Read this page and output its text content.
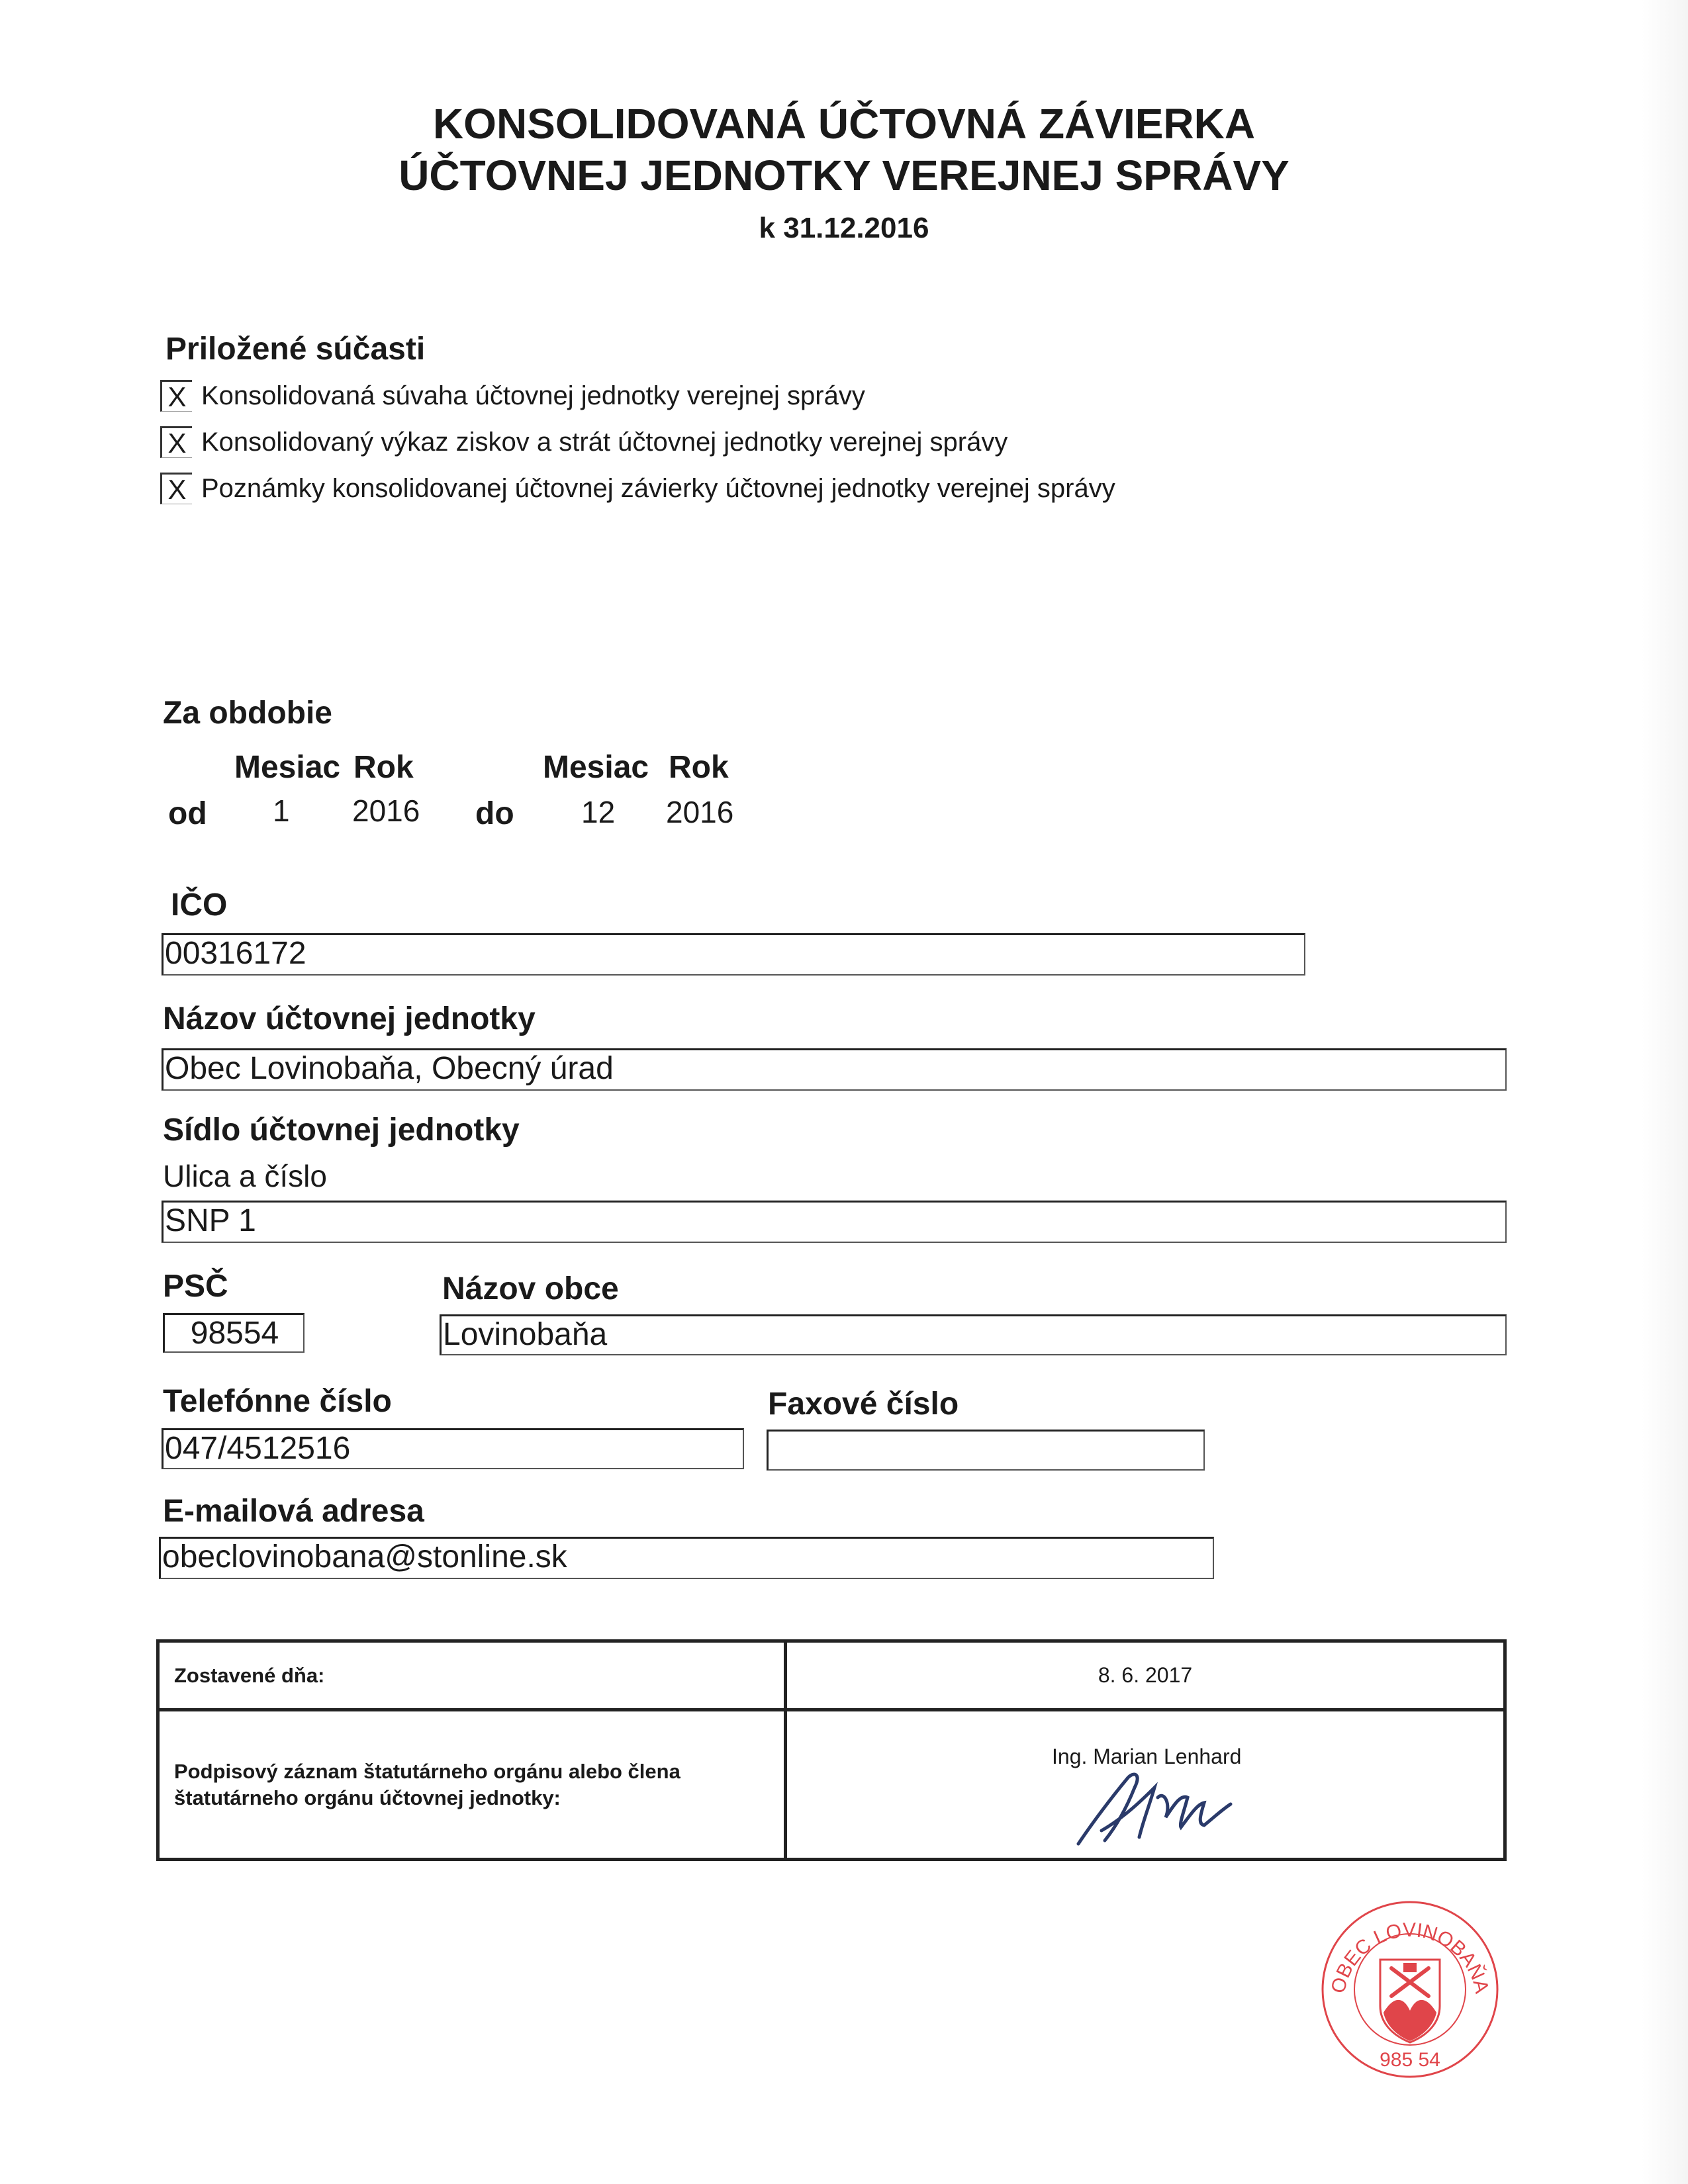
KONSOLIDOVANÁ ÚČTOVNÁ ZÁVIERKA
ÚČTOVNEJ JEDNOTKY VEREJNEJ SPRÁVY
k 31.12.2016
Priložené súčasti
X Konsolidovaná súvaha účtovnej jednotky verejnej správy
X Konsolidovaný výkaz ziskov a strát účtovnej jednotky verejnej správy
X Poznámky konsolidovanej účtovnej závierky účtovnej jednotky verejnej správy
Za obdobie
Mesiac Rok	Mesiac Rok
od 1 2016 do 12 2016
IČO
00316172
Názov účtovnej jednotky
Obec Lovinobaňa, Obecný úrad
Sídlo účtovnej jednotky
Ulica a číslo
SNP 1
PSČ
98554
Názov obce
Lovinobaňa
Telefónne číslo
047/4512516
Faxové číslo
E-mailová adresa
obeclovinobana@stonline.sk
Zostavené dňa:	8. 6. 2017
Podpisový záznam štatutárneho orgánu alebo člena
štatutárneho orgánu účtovnej jednotky:	Ing. Marian Lenhard
OBEC LOVINOBAŇA
985 54
